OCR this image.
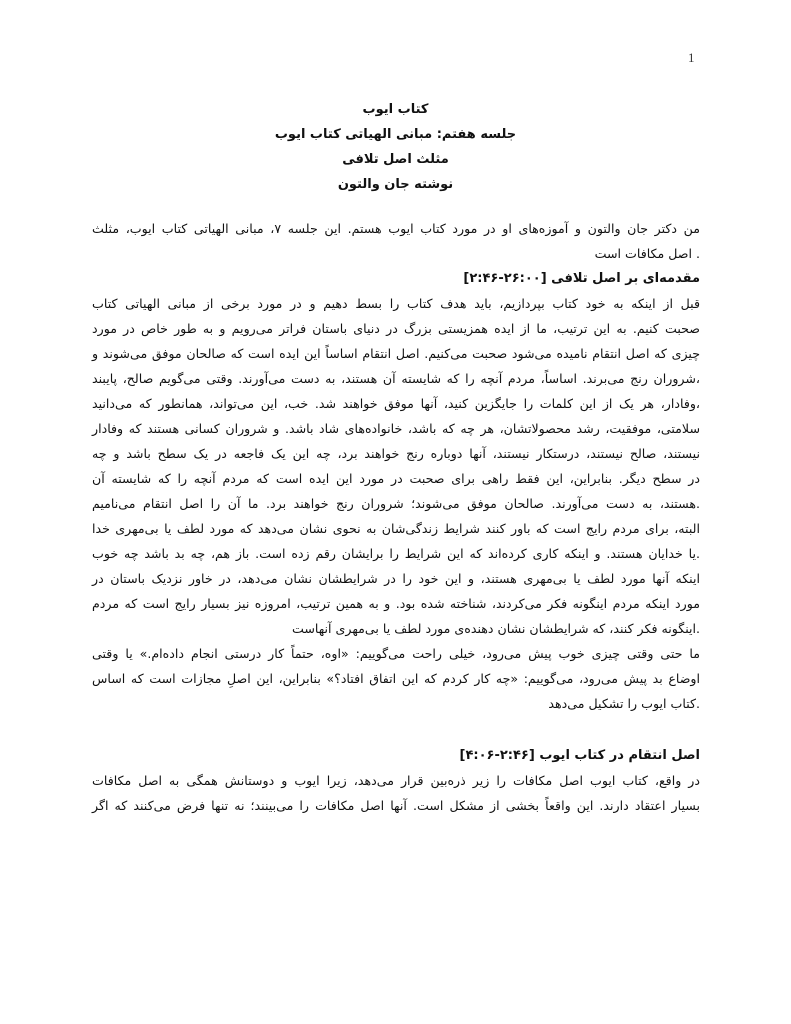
1
کتاب ایوب
جلسه هفتم: مبانی الهیاتی کتاب ایوب
مثلث اصل تلافی
نوشته جان والتون
من دکتر جان والتون و آموزه‌های او در مورد کتاب ایوب هستم. این جلسه ۷، مبانی الهیاتی کتاب ایوب، مثلث
. اصل مکافات است
مقدمه‌ای بر اصل تلافی [۲۶:۰۰-۲:۴۶]
قبل از اینکه به خود کتاب بپردازیم، باید هدف کتاب را بسط دهیم و در مورد برخی از مبانی الهیاتی کتاب
صحبت کنیم. به این ترتیب، ما از ایده همزیستی بزرگ در دنیای باستان فراتر می‌رویم و به طور خاص در مورد
چیزی که اصل انتقام نامیده می‌شود صحبت می‌کنیم. اصل انتقام اساساً این ایده است که صالحان موفق می‌شوند و
،شروران رنج می‌برند. اساساً، مردم آنچه را که شایسته آن هستند، به دست می‌آورند. وقتی می‌گویم صالح، پایبند
،وفادار، هر یک از این کلمات را جایگزین کنید، آنها موفق خواهند شد. خب، این می‌تواند، همانطور که می‌دانید
سلامتی، موفقیت، رشد محصولاتشان، هر چه که باشد، خانواده‌های شاد باشد. و شروران کسانی هستند که وفادار
نیستند، صالح نیستند، درستکار نیستند، آنها دوباره رنج خواهند برد، چه این یک فاجعه در یک سطح باشد و چه
در سطح دیگر. بنابراین، این فقط راهی برای صحبت در مورد این ایده است که مردم آنچه را که شایسته آن
.هستند، به دست می‌آورند. صالحان موفق می‌شوند؛ شروران رنج خواهند برد. ما آن را اصل انتقام می‌نامیم
البته، برای مردم رایج است که باور کنند شرایط زندگی‌شان به نحوی نشان می‌دهد که مورد لطف یا بی‌مهری خدا
.یا خدایان هستند. و اینکه کاری کرده‌اند که این شرایط را برایشان رقم زده است. باز هم، چه بد باشد چه خوب
اینکه آنها مورد لطف یا بی‌مهری هستند، و این خود را در شرایطشان نشان می‌دهد، در خاور نزدیک باستان در
مورد اینکه مردم اینگونه فکر می‌کردند، شناخته شده بود. و به همین ترتیب، امروزه نیز بسیار رایج است که مردم
.اینگونه فکر کنند، که شرایطشان نشان دهنده‌ی مورد لطف یا بی‌مهری آنهاست
ما حتی وقتی چیزی خوب پیش می‌رود، خیلی راحت می‌گوییم: «اوه، حتماً کار درستی انجام داده‌ام.» یا وقتی
اوضاع بد پیش می‌رود، می‌گوییم: «چه کار کردم که این اتفاق افتاد؟» بنابراین، این اصلِ مجازات است که اساس
.کتاب ایوب را تشکیل می‌دهد
اصل انتقام در کتاب ایوب [۲:۴۶-۴:۰۶]
در واقع، کتاب ایوب اصل مکافات را زیر ذره‌بین قرار می‌دهد، زیرا ایوب و دوستانش همگی به اصل مکافات
بسیار اعتقاد دارند. این واقعاً بخشی از مشکل است. آنها اصل مکافات را می‌بینند؛ نه تنها فرض می‌کنند که اگر
